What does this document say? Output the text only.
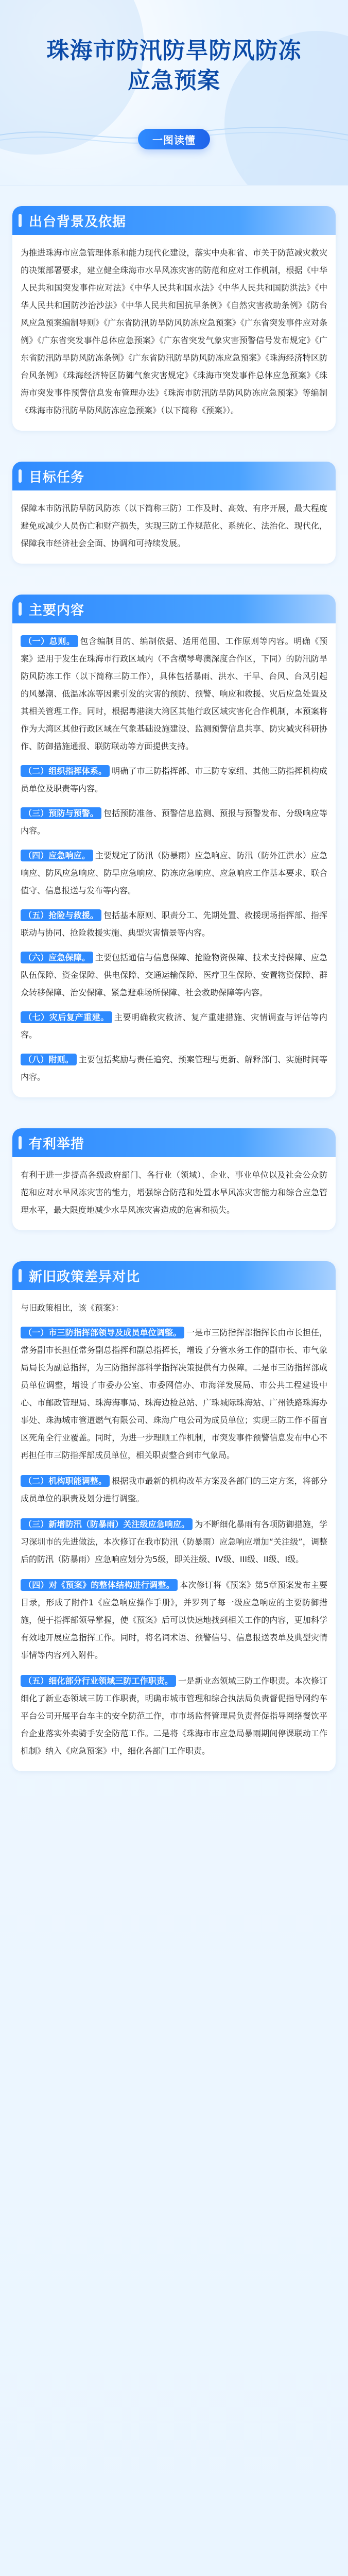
珠海市防汛防旱防风防冻
应急预案
一图读懂
出台背景及依据

为推进珠海市应急管理体系和能力现代化建设，落实中央和省、市关于防范减灾救灾的决策部署要求，建立健全珠海市水旱风冻灾害的防范和应对工作机制，根据《中华人民共和国突发事件应对法》《中华人民共和国水法》《中华人民共和国防洪法》《中华人民共和国防沙治沙法》《中华人民共和国抗旱条例》《自然灾害救助条例》《防台风应急预案编制导则》《广东省防汛防旱防风防冻应急预案》《广东省突发事件应对条例》《广东省突发事件总体应急预案》《广东省突发气象灾害预警信号发布规定》《广东省防汛防旱防风防冻条例》《广东省防汛防旱防风防冻应急预案》《珠海经济特区防台风条例》《珠海经济特区防御气象灾害规定》《珠海市突发事件总体应急预案》《珠海市突发事件预警信息发布管理办法》《珠海市防汛防旱防风防冻应急预案》等编制《珠海市防汛防旱防风防冻应急预案》（以下简称《预案》）。

目标任务

保障本市防汛防旱防风防冻（以下简称三防）工作及时、高效、有序开展，最大程度避免或减少人员伤亡和财产损失，实现三防工作规范化、系统化、法治化、现代化，保障我市经济社会全面、协调和可持续发展。

主要内容

（一）总则。 包含编制目的、编制依据、适用范围、工作原则等内容。明确《预案》适用于发生在珠海市行政区域内（不含横琴粤澳深度合作区，下同）的防汛防旱防风防冻工作（以下简称三防工作），具体包括暴雨、洪水、干旱、台风、台风引起的风暴潮、低温冰冻等因素引发的灾害的预防、预警、响应和救援、灾后应急处置及其相关管理工作。同时，根据粤港澳大湾区其他行政区域灾害化合作机制，本预案将作为大湾区其他行政区域在气象基础设施建设、监测预警信息共享、防灾减灾科研协作、防御措施通报、联防联动等方面提供支持。

（二）组织指挥体系。 明确了市三防指挥部、市三防专家组、其他三防指挥机构成员单位及职责等内容。

（三）预防与预警。 包括预防准备、预警信息监测、预报与预警发布、分级响应等内容。

（四）应急响应。 主要规定了防汛（防暴雨）应急响应、防汛（防外江洪水）应急响应、防风应急响应、防旱应急响应、防冻应急响应、应急响应工作基本要求、联合值守、信息报送与发布等内容。

（五）抢险与救援。 包括基本原则、职责分工、先期处置、救援现场指挥部、指挥联动与协同、抢险救援实施、典型灾害情景等内容。

（六）应急保障。 主要包括通信与信息保障、抢险物资保障、技术支持保障、应急队伍保障、资金保障、供电保障、交通运输保障、医疗卫生保障、安置物资保障、群众转移保障、治安保障、紧急避难场所保障、社会救助保障等内容。

（七）灾后复产重建。 主要明确救灾救济、复产重建措施、灾情调查与评估等内容。

（八）附则。 主要包括奖励与责任追究、预案管理与更新、解释部门、实施时间等内容。

有利举措

有利于进一步提高各级政府部门、各行业（领域）、企业、事业单位以及社会公众防范和应对水旱风冻灾害的能力，增强综合防范和处置水旱风冻灾害能力和综合应急管理水平，最大限度地减少水旱风冻灾害造成的危害和损失。

新旧政策差异对比

与旧政策相比，该《预案》：

（一）市三防指挥部领导及成员单位调整。 一是市三防指挥部指挥长由市长担任，常务副市长担任常务副总指挥和副总指挥长，增设了分管水务工作的副市长、市气象局局长为副总指挥，为三防指挥部科学指挥决策提供有力保障。二是市三防指挥部成员单位调整，增设了市委办公室、市委网信办、市海洋发展局、市公共工程建设中心、市邮政管理局、珠海海事局、珠海边检总站、广珠城际珠海站、广州铁路珠海办事处、珠海城市管道燃气有限公司、珠海广电公司为成员单位；实现三防工作不留盲区死角全行业覆盖。同时，为进一步理顺工作机制，市突发事件预警信息发布中心不再担任市三防指挥部成员单位，相关职责整合到市气象局。

（二）机构职能调整。 根据我市最新的机构改革方案及各部门的三定方案，将部分成员单位的职责及划分进行调整。

（三）新增防汛（防暴雨）关注级应急响应。 为不断细化暴雨有各项防御措施，学习深圳市的先进做法，本次修订在我市防汛（防暴雨）应急响应增加“关注级”，调整后的防汛（防暴雨）应急响应划分为5级，即关注级、IV级、III级、II级、I级。

（四）对《预案》的整体结构进行调整。 本次修订将《预案》第5章预案发布主要目录，形成了附件1《应急响应操作手册》，并罗列了每一级应急响应的主要防御措施，便于指挥部领导掌握，使《预案》后可以快速地找到相关工作的内容，更加科学有效地开展应急指挥工作。同时，将名词术语、预警信号、信息报送表单及典型灾情事情等内容列入附件。

（五）细化部分行业领域三防工作职责。 一是新业态领域三防工作职责。本次修订细化了新业态领域三防工作职责，明确市城市管理和综合执法局负责督促指导网约车平台公司开展平台车主的安全防范工作，市市场监督管理局负责督促指导网络餐饮平台企业落实外卖骑手安全防范工作。二是将《珠海市市应急局暴雨期间停课联动工作机制》纳入《应急预案》中，细化各部门工作职责。
